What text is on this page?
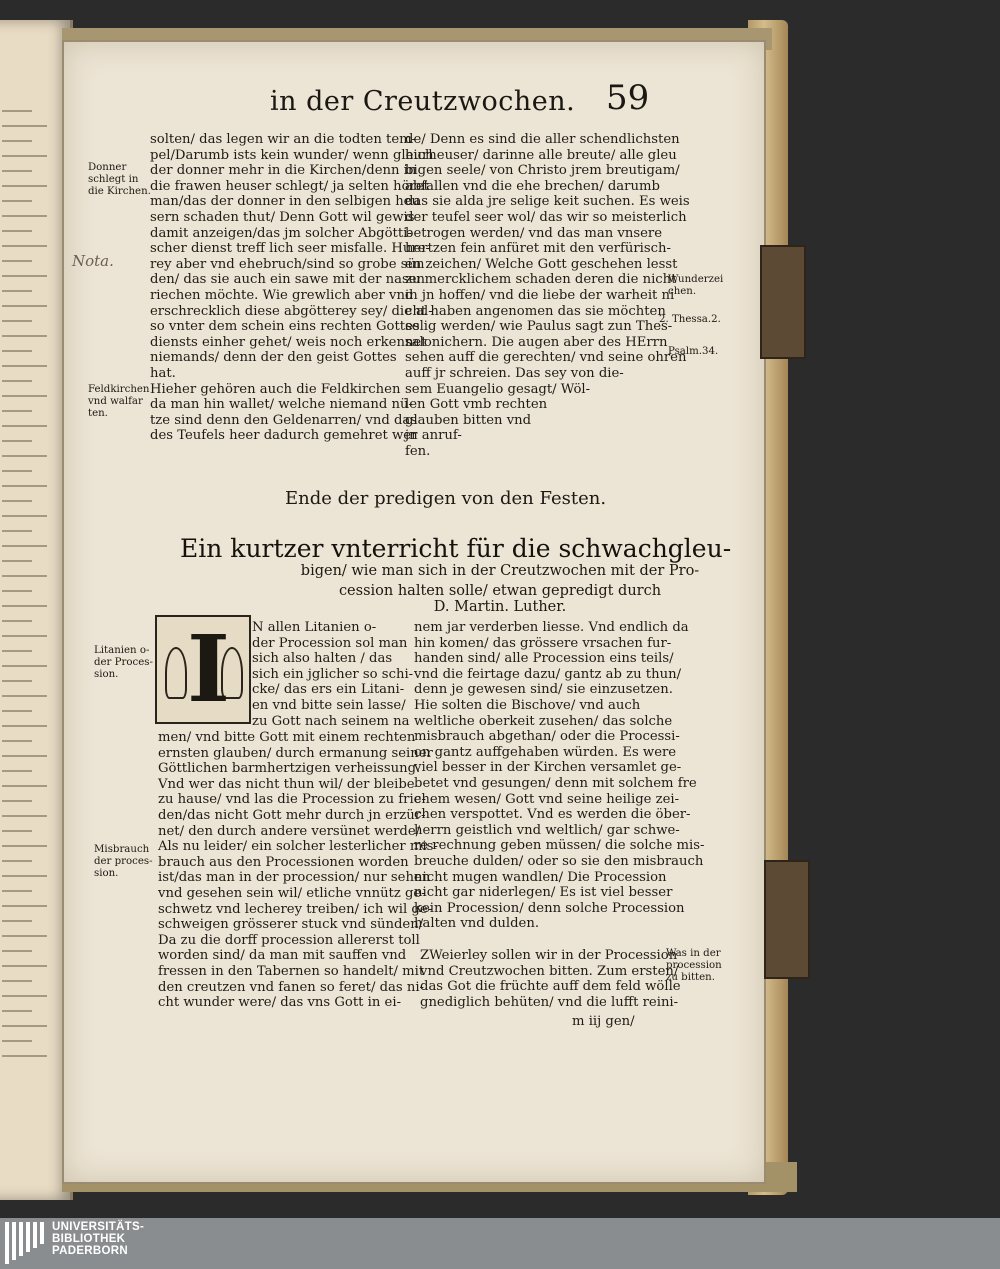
in der Creutzwochen. 59
Nota.
Donner
schlegt in
die Kirchen.
Feldkirchen
vnd walfar
ten.
Litanien o-
der Proces-
sion.
Misbrauch
der proces-
sion.
Wunderzei
chen.
2. Thessa.2.
Psalm.34.
Was in der
procession
zu bitten.
solten/ das legen wir an die todten tem-
pel/Darumb ists kein wunder/ wenn gleich
der donner mehr in die Kirchen/denn in
die frawen heuser schlegt/ ja selten höret
man/das der donner in den selbigen heu
sern schaden thut/ Denn Gott wil gewis
damit anzeigen/das jm solcher Abgötti-
scher dienst treff lich seer misfalle. Hure-
rey aber vnd ehebruch/sind so grobe sün
den/ das sie auch ein sawe mit der nasen
riechen möchte. Wie grewlich aber vnd
erschrecklich diese abgötterey sey/ die al-
so vnter dem schein eins rechten Gottes
diensts einher gehet/ weis noch erkennet
niemands/ denn der den geist Gottes
hat.
Hieher gehören auch die Feldkirchen
da man hin wallet/ welche niemand nü-
tze sind denn den Geldenarren/ vnd das
des Teufels heer dadurch gemehret wer
de/ Denn es sind die aller schendlichsten
hurheuser/ darinne alle breute/ alle gleu
bigen seele/ von Christo jrem breutigam/
abfallen vnd die ehe brechen/ darumb
das sie alda jre selige keit suchen. Es weis
der teufel seer wol/ das wir so meisterlich
betrogen werden/ vnd das man vnsere
hertzen fein anfüret mit den verfürisch-
en zeichen/ Welche Gott geschehen lesst
zu mercklichem schaden deren die nicht
in jn hoffen/ vnd die liebe der warheit ni
cht haben angenomen das sie möchten
selig werden/ wie Paulus sagt zun Thes-
salonichern. Die augen aber des HErrn
sehen auff die gerechten/ vnd seine ohren
auff jr schreien. Das sey von die-
sem Euangelio gesagt/ Wöl-
len Gott vmb rechten
glauben bitten vnd
jn anruf-
fen.
Ende der predigen von den Festen.
Ein kurtzer vnterricht für die schwachgleu-
bigen/ wie man sich in der Creutzwochen mit der Pro-
cession halten solle/ etwan gepredigt durch
D. Martin. Luther.
I N allen Litanien o-
der Procession sol man
sich also halten / das
sich ein jglicher so schi-
cke/ das ers ein Litani-
en vnd bitte sein lasse/
zu Gott nach seinem na
men/ vnd bitte Gott mit einem rechten
ernsten glauben/ durch ermanung seiner
Göttlichen barmhertzigen verheissung.
Vnd wer das nicht thun wil/ der bleibe
zu hause/ vnd las die Procession zu frie-
den/das nicht Gott mehr durch jn erzür-
net/ den durch andere versünet werde/
Als nu leider/ ein solcher lesterlicher mis-
brauch aus den Processionen worden
ist/das man in der procession/ nur sehen
vnd gesehen sein wil/ etliche vnnütz ge-
schwetz vnd lecherey treiben/ ich wil ge-
schweigen grösserer stuck vnd sünden/
Da zu die dorff procession allererst toll
worden sind/ da man mit sauffen vnd
fressen in den Tabernen so handelt/ mit
den creutzen vnd fanen so feret/ das ni-
cht wunder were/ das vns Gott in ei-
nem jar verderben liesse. Vnd endlich da
hin komen/ das grössere vrsachen fur-
handen sind/ alle Procession eins teils/
vnd die feirtage dazu/ gantz ab zu thun/
denn je gewesen sind/ sie einzusetzen.
Hie solten die Bischove/ vnd auch
weltliche oberkeit zusehen/ das solche
misbrauch abgethan/ oder die Processi-
on gantz auffgehaben würden. Es were
viel besser in der Kirchen versamlet ge-
betet vnd gesungen/ denn mit solchem fre
chem wesen/ Gott vnd seine heilige zei-
chen verspottet. Vnd es werden die öber-
herrn geistlich vnd weltlich/ gar schwe-
re rechnung geben müssen/ die solche mis-
breuche dulden/ oder so sie den misbrauch
nicht mugen wandlen/ Die Procession
nicht gar niderlegen/ Es ist viel besser
kein Procession/ denn solche Procession
halten vnd dulden.
ZWeierley sollen wir in der Procession
vnd Creutzwochen bitten. Zum ersten/
das Got die früchte auff dem feld wölle
gnediglich behüten/ vnd die lufft reini-
m iij gen/
UNIVERSITÄTS-
BIBLIOTHEK
PADERBORN
